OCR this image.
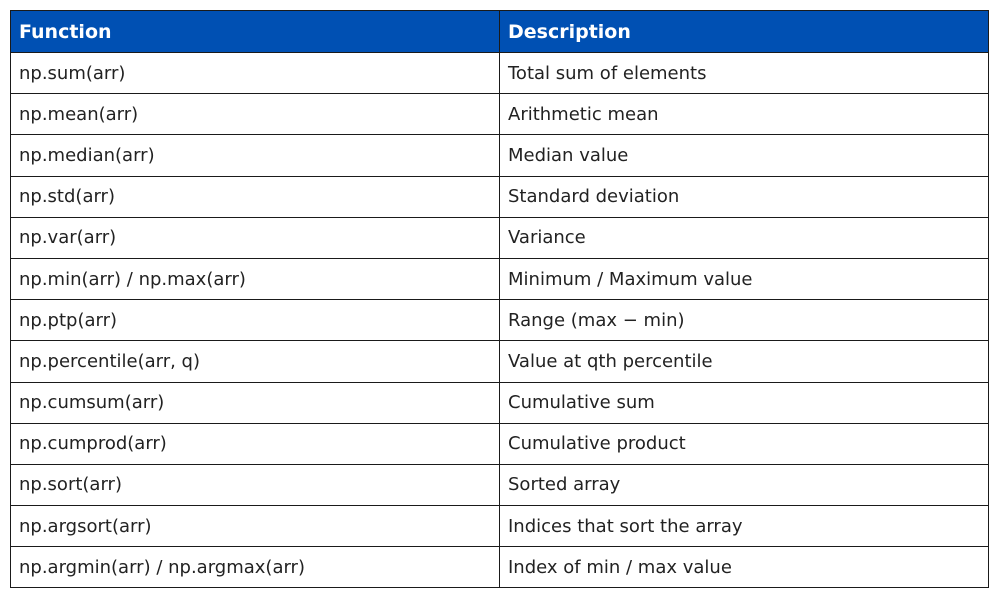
Function	Description
np.sum(arr)	Total sum of elements
np.mean(arr)	Arithmetic mean
np.median(arr)	Median value
np.std(arr)	Standard deviation
np.var(arr)	Variance
np.min(arr) / np.max(arr)	Minimum / Maximum value
np.ptp(arr)	Range (max − min)
np.percentile(arr, q)	Value at qth percentile
np.cumsum(arr)	Cumulative sum
np.cumprod(arr)	Cumulative product
np.sort(arr)	Sorted array
np.argsort(arr)	Indices that sort the array
np.argmin(arr) / np.argmax(arr)	Index of min / max value
